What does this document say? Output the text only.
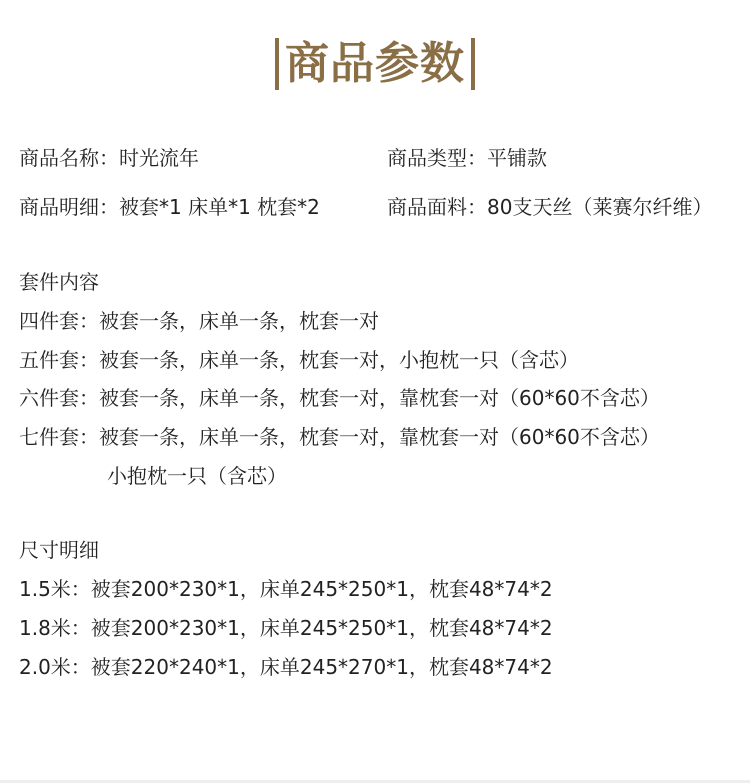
商品参数
商品名称：时光流年	商品类型：平铺款
商品明细：被套*1 床单*1 枕套*2	商品面料：80支天丝（莱赛尔纤维）
套件内容
四件套：被套一条，床单一条，枕套一对
五件套：被套一条，床单一条，枕套一对，小抱枕一只（含芯）
六件套：被套一条，床单一条，枕套一对，靠枕套一对（60*60不含芯）
七件套：被套一条，床单一条，枕套一对，靠枕套一对（60*60不含芯）
小抱枕一只（含芯）
尺寸明细
1.5米：被套200*230*1，床单245*250*1，枕套48*74*2
1.8米：被套200*230*1，床单245*250*1，枕套48*74*2
2.0米：被套220*240*1，床单245*270*1，枕套48*74*2
